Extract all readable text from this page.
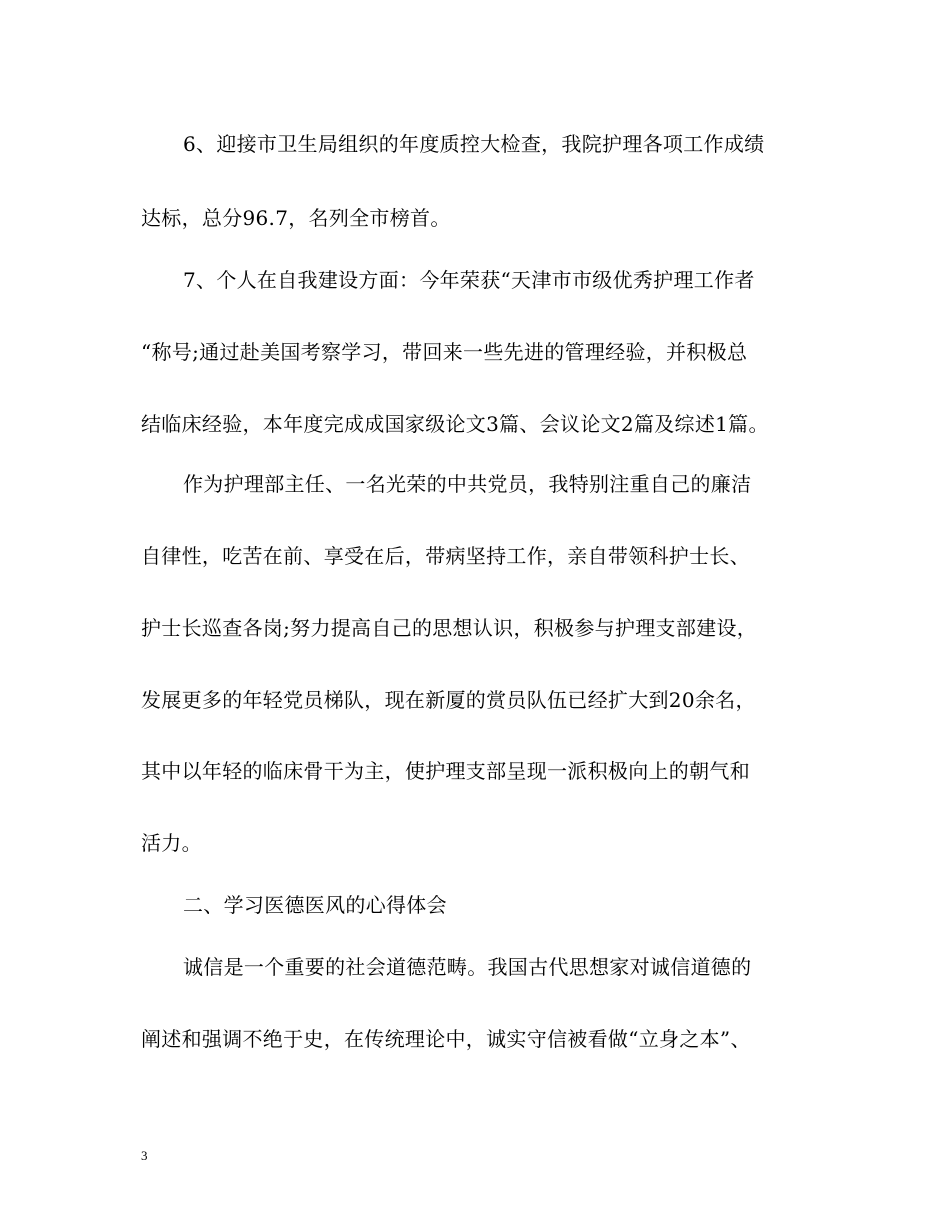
6、迎接市卫生局组织的年度质控大检查，我院护理各项工作成绩
达标，总分96.7，名列全市榜首。
7、个人在自我建设方面：今年荣获“天津市市级优秀护理工作者
“称号;通过赴美国考察学习，带回来一些先进的管理经验，并积极总
结临床经验，本年度完成成国家级论文3篇、会议论文2篇及综述1篇。
作为护理部主任、一名光荣的中共党员，我特别注重自己的廉洁
自律性，吃苦在前、享受在后，带病坚持工作，亲自带领科护士长、
护士长巡查各岗;努力提高自己的思想认识，积极参与护理支部建设，
发展更多的年轻党员梯队，现在新厦的赏员队伍已经扩大到20余名，
其中以年轻的临床骨干为主，使护理支部呈现一派积极向上的朝气和
活力。
二、学习医德医风的心得体会
诚信是一个重要的社会道德范畴。我国古代思想家对诚信道德的
阐述和强调不绝于史，在传统理论中，诚实守信被看做“立身之本”、
3
